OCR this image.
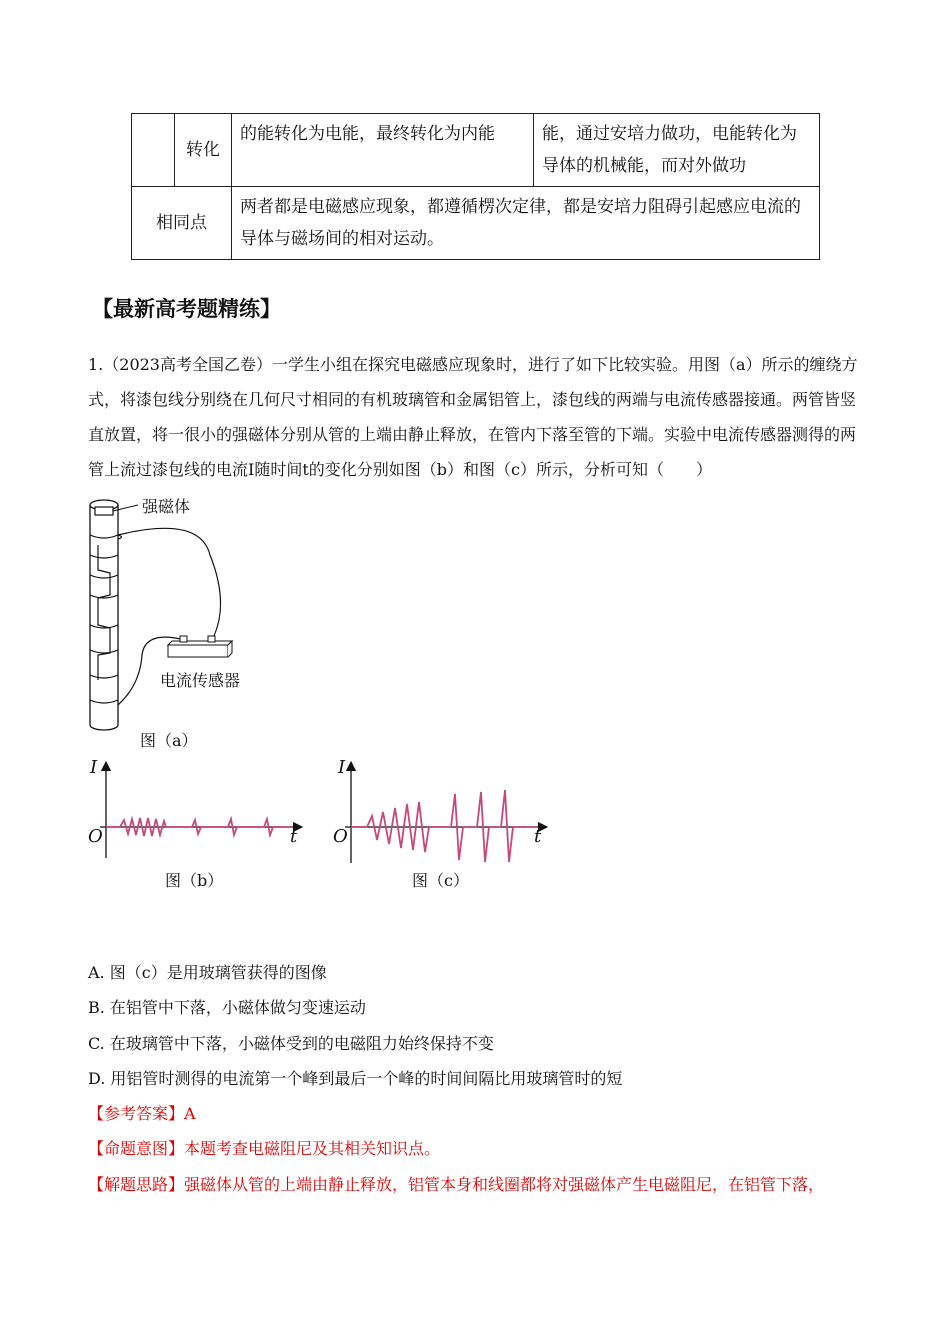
	转化	的能转化为电能，最终转化为内能	能，通过安培力做功，电能转化为导体的机械能，而对外做功
相同点		两者都是电磁感应现象，都遵循楞次定律，都是安培力阻碍引起感应电流的导体与磁场间的相对运动。	
【最新高考题精练】

1.（2023高考全国乙卷）一学生小组在探究电磁感应现象时，进行了如下比较实验。用图（a）所示的缠绕方式，将漆包线分别绕在几何尺寸相同的有机玻璃管和金属铝管上，漆包线的两端与电流传感器接通。两管皆竖直放置，将一很小的强磁体分别从管的上端由静止释放，在管内下落至管的下端。实验中电流传感器测得的两管上流过漆包线的电流I随时间t的变化分别如图（b）和图（c）所示，分析可知（　　）

强磁体
电流传感器
图（a）
I
O	t
图（b）
I
O	t
图（c）
A. 图（c）是用玻璃管获得的图像
B. 在铝管中下落，小磁体做匀变速运动
C. 在玻璃管中下落，小磁体受到的电磁阻力始终保持不变
D. 用铝管时测得的电流第一个峰到最后一个峰的时间间隔比用玻璃管时的短
【参考答案】A
【命题意图】本题考查电磁阻尼及其相关知识点。
【解题思路】强磁体从管的上端由静止释放，铝管本身和线圈都将对强磁体产生电磁阻尼，在铝管下落，
